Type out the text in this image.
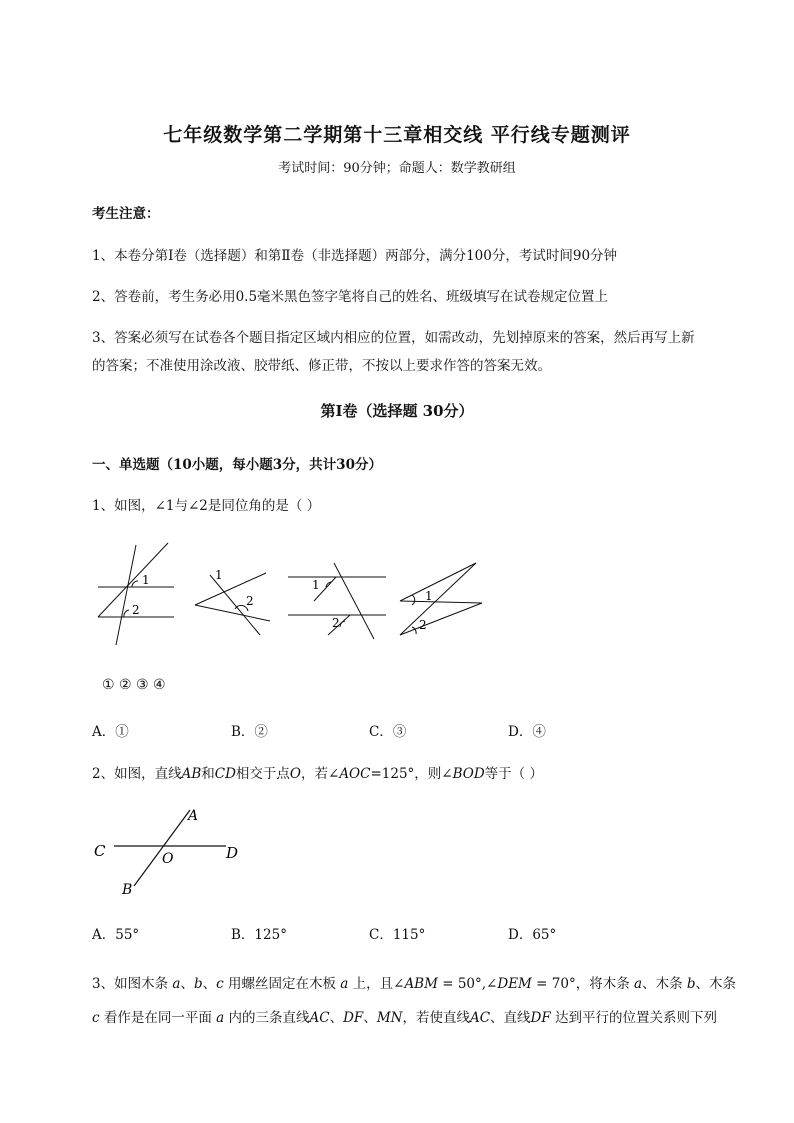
七年级数学第二学期第十三章相交线 平行线专题测评
考试时间：90分钟；命题人：数学教研组
考生注意：
1、本卷分第I卷（选择题）和第Ⅱ卷（非选择题）两部分，满分100分，考试时间90分钟
2、答卷前，考生务必用0.5毫米黑色签字笔将自己的姓名、班级填写在试卷规定位置上
3、答案必须写在试卷各个题目指定区域内相应的位置，如需改动，先划掉原来的答案，然后再写上新
的答案；不准使用涂改液、胶带纸、修正带，不按以上要求作答的答案无效。
第I卷（选择题 30分）
一、单选题（10小题，每小题3分，共计30分）
1、如图，∠1与∠2是同位角的是（ ）
1
2
1
2
1
2
1
2
① ② ③ ④
A．①	B．②	C．③	D．④
2、如图，直线AB和CD相交于点O，若∠AOC=125°，则∠BOD等于（ ）
A
B
C	D
O
A．55°	B．125°	C．115°	D．65°
3、如图木条 a、b、c 用螺丝固定在木板 a 上，且∠ABM = 50°,∠DEM = 70°，将木条 a、木条 b、木条
c 看作是在同一平面 a 内的三条直线AC、DF、MN，若使直线AC、直线DF 达到平行的位置关系则下列
